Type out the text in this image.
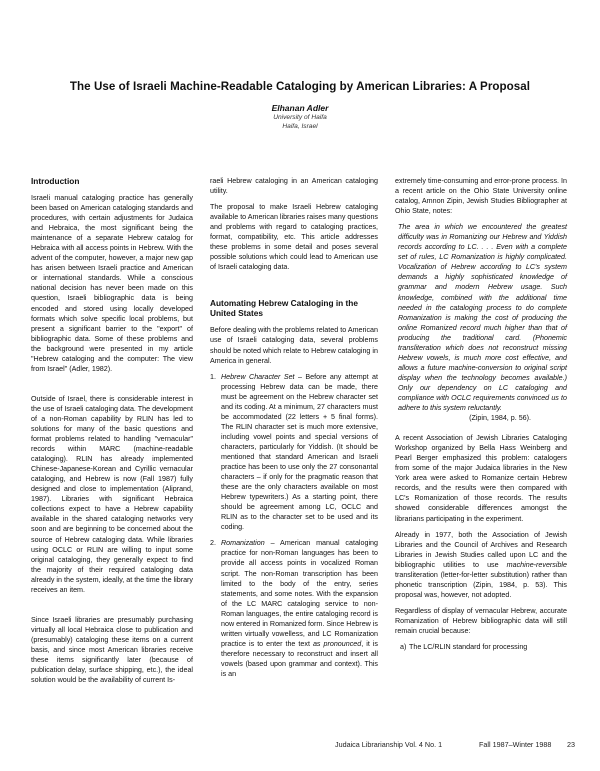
The Use of Israeli Machine-Readable Cataloging by American Libraries: A Proposal
Elhanan Adler
University of Haifa
Haifa, Israel
Introduction

Israeli manual cataloging practice has generally been based on American cataloging standards and procedures, with certain adjustments for Judaica and Hebraica, the most significant being the maintenance of a separate Hebrew catalog for Hebraica with all access points in Hebrew. With the advent of the computer, however, a major new gap has arisen between Israeli practice and American or international standards. While a conscious national decision has never been made on this question, Israeli bibliographic data is being encoded and stored using locally developed formats which solve specific local problems, but present a significant barrier to the "export" of bibliographic data. Some of these problems and the background were presented in my article "Hebrew cataloging and the computer: The view from Israel" (Adler, 1982).

Outside of Israel, there is considerable interest in the use of Israeli cataloging data. The development of a non-Roman capability by RLIN has led to solutions for many of the basic questions and format problems related to handling "vernacular" records within MARC (machine-readable cataloging). RLIN has already implemented Chinese-Japanese-Korean and Cyrillic vernacular cataloging, and Hebrew is now (Fall 1987) fully designed and close to implementation (Aliprand, 1987). Libraries with significant Hebraica collections expect to have a Hebrew capability available in the shared cataloging networks very soon and are beginning to be concerned about the source of Hebrew cataloging data. While libraries using OCLC or RLIN are willing to input some original cataloging, they generally expect to find the majority of their required cataloging data already in the system, ideally, at the time the library receives an item.

Since Israeli libraries are presumably purchasing virtually all local Hebraica close to publication and (presumably) cataloging these items on a current basis, and since most American libraries receive these items significantly later (because of publication delay, surface shipping, etc.), the ideal solution would be the availability of current Is-

raeli Hebrew cataloging in an American cataloging utility.

The proposal to make Israeli Hebrew cataloging available to American libraries raises many questions and problems with regard to cataloging practices, format, compatibility, etc. This article addresses these problems in some detail and poses several possible solutions which could lead to American use of Israeli cataloging data.

Automating Hebrew Cataloging in the United States

Before dealing with the problems related to American use of Israeli cataloging data, several problems should be noted which relate to Hebrew cataloging in America in general.

1. Hebrew Character Set – Before any attempt at processing Hebrew data can be made, there must be agreement on the Hebrew character set and its coding. At a minimum, 27 characters must be accommodated (22 letters + 5 final forms). The RLIN character set is much more extensive, including vowel points and special versions of characters, particularly for Yiddish. (It should be mentioned that standard American and Israeli practice has been to use only the 27 consonantal characters – if only for the pragmatic reason that these are the only characters available on most Hebrew typewriters.) As a starting point, there should be agreement among LC, OCLC and RLIN as to the character set to be used and its coding.
2. Romanization – American manual cataloging practice for non-Roman languages has been to provide all access points in vocalized Roman script. The non-Roman transcription has been limited to the body of the entry, series statements, and some notes. With the expansion of the LC MARC cataloging service to non-Roman languages, the entire cataloging record is now entered in Romanized form. Since Hebrew is written virtually vowelless, and LC Romanization practice is to enter the text as pronounced, it is therefore necessary to reconstruct and insert all vowels (based upon grammar and context). This is an

extremely time-consuming and error-prone process. In a recent article on the Ohio State University online catalog, Amnon Zipin, Jewish Studies Bibliographer at Ohio State, notes:

The area in which we encountered the greatest difficulty was in Romanizing our Hebrew and Yiddish records according to LC. . . . Even with a complete set of rules, LC Romanization is highly complicated. Vocalization of Hebrew according to LC's system demands a highly sophisticated knowledge of grammar and modern Hebrew usage. Such knowledge, combined with the additional time needed in the cataloging process to do complete Romanization is making the cost of producing the online Romanized record much higher than that of producing the traditional card. (Phonemic transliteration which does not reconstruct missing Hebrew vowels, is much more cost effective, and allows a future machine-conversion to original script display when the technology becomes available.) Only our dependency on LC cataloging and compliance with OCLC requirements convinced us to adhere to this system reluctantly.

(Zipin, 1984, p. 56).

A recent Association of Jewish Libraries Cataloging Workshop organized by Bella Hass Weinberg and Pearl Berger emphasized this problem: catalogers from some of the major Judaica libraries in the New York area were asked to Romanize certain Hebrew records, and the results were then compared with LC's Romanization of those records. The results showed considerable differences amongst the librarians participating in the experiment.

Already in 1977, both the Association of Jewish Libraries and the Council of Archives and Research Libraries in Jewish Studies called upon LC and the bibliographic utilities to use machine-reversible transliteration (letter-for-letter substitution) rather than phonetic transcription (Zipin, 1984, p. 53). This proposal was, however, not adopted.

Regardless of display of vernacular Hebrew, accurate Romanization of Hebrew bibliographic data will still remain crucial because:

a) The LC/RLIN standard for processing
Judaica Librarianship Vol. 4 No. 1	Fall 1987–Winter 1988 23
